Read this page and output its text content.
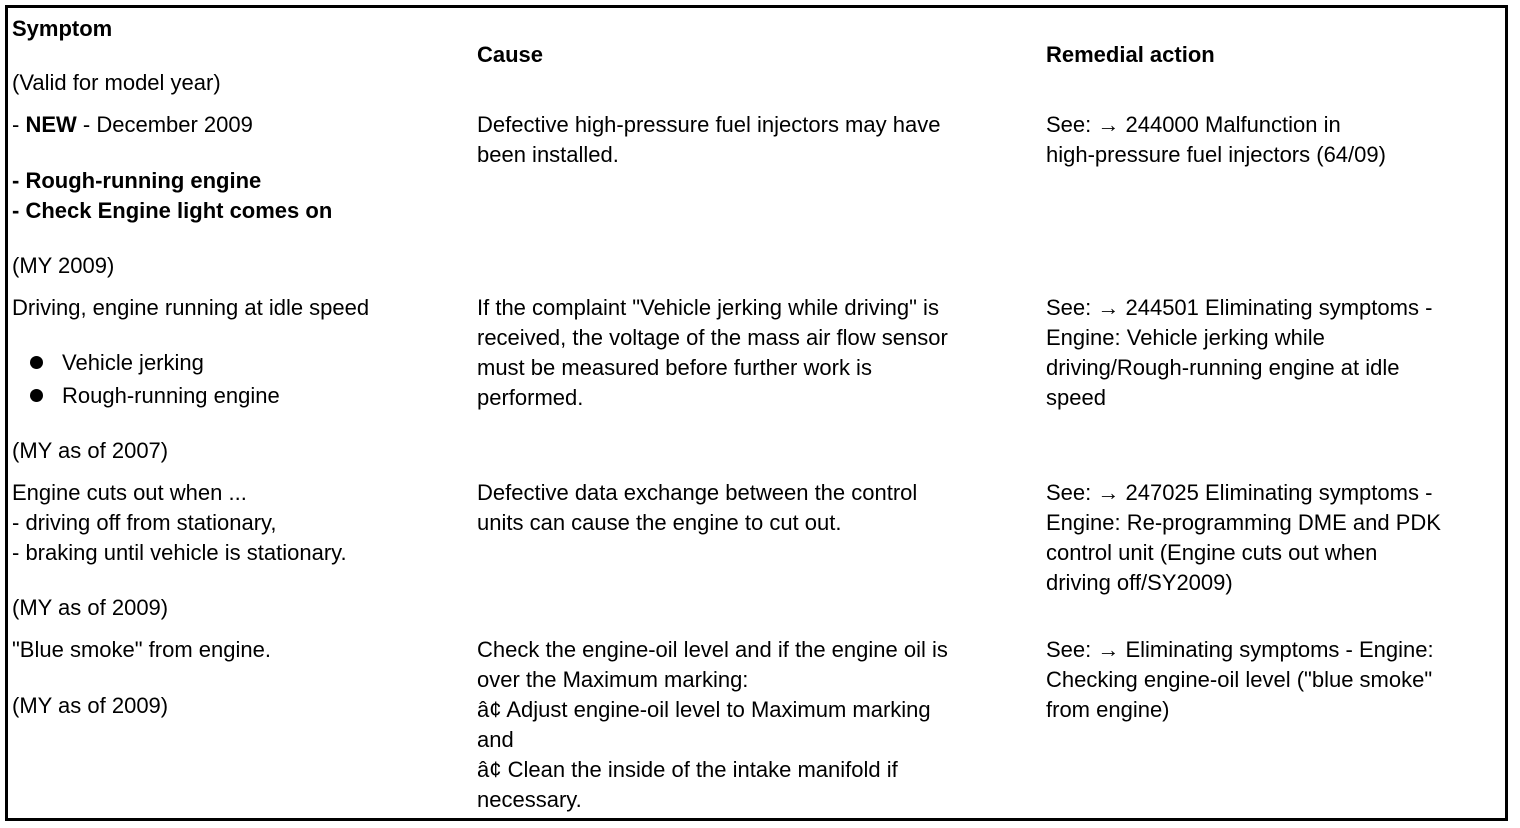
Symptom
(Valid for model year)
Cause	Remedial action
- NEW - December 2009
- Rough-running engine
- Check Engine light comes on
(MY 2009)
Defective high-pressure fuel injectors may have
been installed.
See: → 244000 Malfunction in
high-pressure fuel injectors (64/09)
Driving, engine running at idle speed
Vehicle jerking
Rough-running engine
(MY as of 2007)
If the complaint "Vehicle jerking while driving" is
received, the voltage of the mass air flow sensor
must be measured before further work is
performed.
See: → 244501 Eliminating symptoms -
Engine: Vehicle jerking while
driving/Rough-running engine at idle
speed
Engine cuts out when ...
- driving off from stationary,
- braking until vehicle is stationary.
(MY as of 2009)
Defective data exchange between the control
units can cause the engine to cut out.
See: → 247025 Eliminating symptoms -
Engine: Re-programming DME and PDK
control unit (Engine cuts out when
driving off/SY2009)
"Blue smoke" from engine.
(MY as of 2009)
Check the engine-oil level and if the engine oil is
over the Maximum marking:
â¢ Adjust engine-oil level to Maximum marking
and
â¢ Clean the inside of the intake manifold if
necessary.
See: → Eliminating symptoms - Engine:
Checking engine-oil level ("blue smoke"
from engine)
